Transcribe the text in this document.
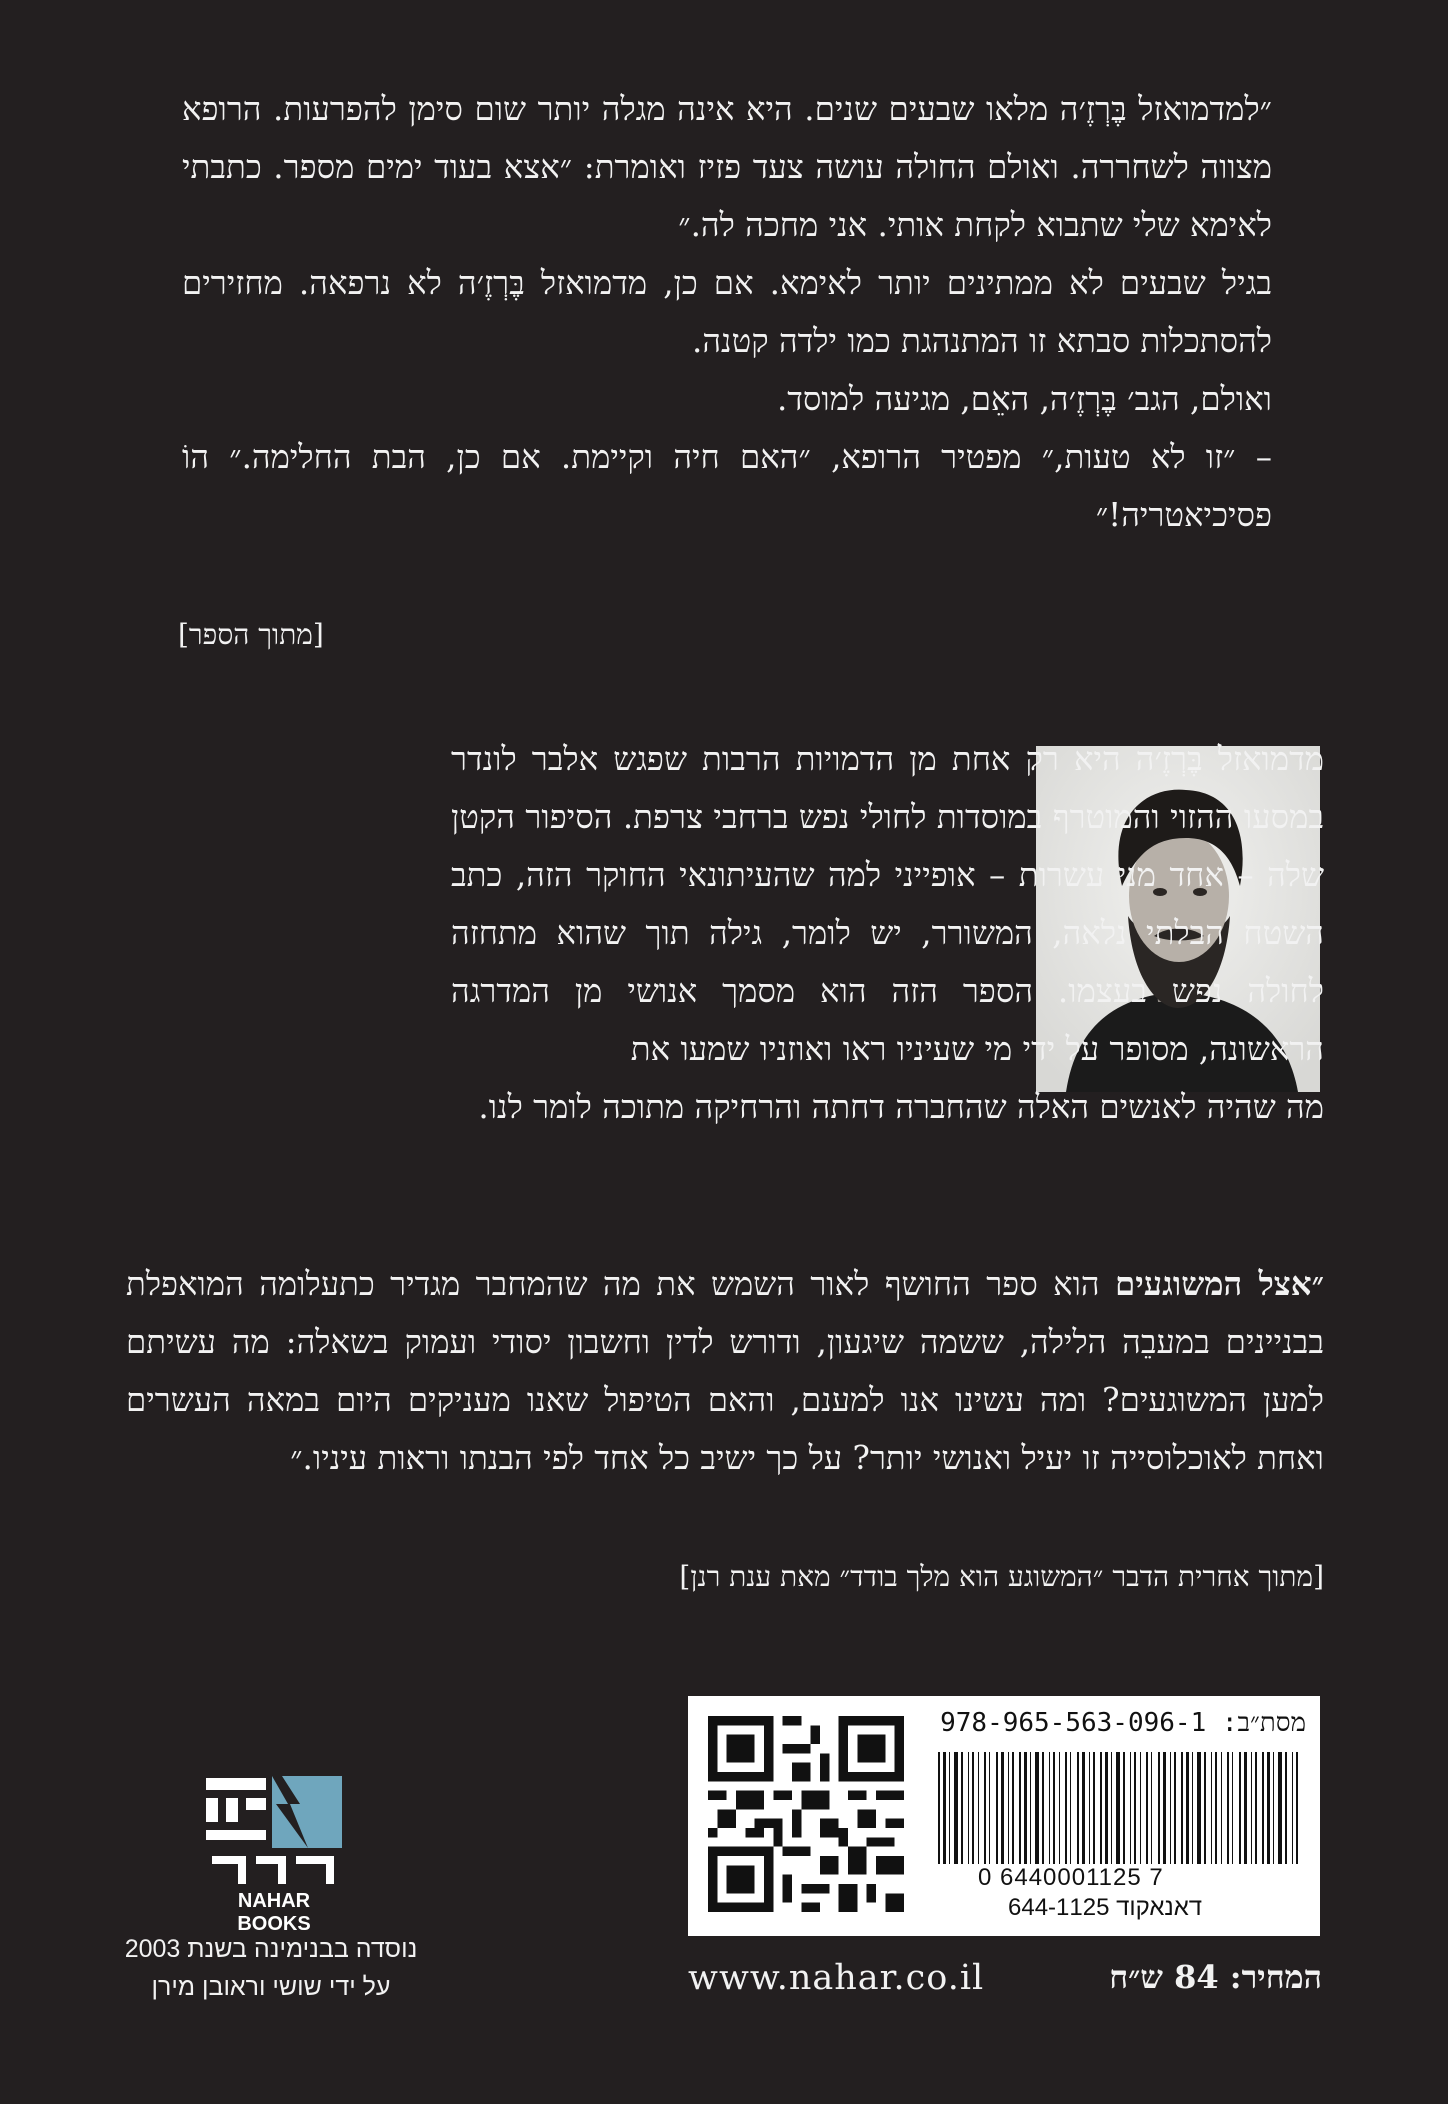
״למדמואזל בֶּרְזֶ׳ה מלאו שבעים שנים. היא אינה מגלה יותר שום סימן להפרעות. הרופא מצווה לשחררה. ואולם החולה עושה צעד פזיז ואומרת: ״אצא בעוד ימים מספר. כתבתי לאימא שלי שתבוא לקחת אותי. אני מחכה לה.״

בגיל שבעים לא ממתינים יותר לאימא. אם כן, מדמואזל בֶּרְזֶ׳ה לא נרפאה. מחזירים להסתכלות סבתא זו המתנהגת כמו ילדה קטנה.

ואולם, הגב׳ בֶּרְזֶ׳ה, האֵם, מגיעה למוסד.

– ״זו לא טעות,״ מפטיר הרופא, ״האם חיה וקיימת. אם כן, הבת החלימה.״ הוֹ פסיכיאטריה!״

[מתוך הספר]

מדמואזל בֶּרְזֶ׳ה היא רק אחת מן הדמויות הרבות שפגש אלבר לונדר במסעו ההזוי והמוטרף במוסדות לחולי נפש ברחבי צרפת. הסיפור הקטן שלה – אחד מני עשרות – אופייני למה שהעיתונאי החוקר הזה, כתב השטח הבלתי נלאה, המשורר, יש לומר, גילה תוך שהוא מתחזה לחולה נפש בעצמו. הספר הזה הוא מסמך אנושי מן המדרגה הראשונה, מסופר על ידי מי שעיניו ראו ואוזניו שמעו את

מה שהיה לאנשים האלה שהחברה דחתה והרחיקה מתוכה לומר לנו.

״אצל המשוגעים הוא ספר החושף לאור השמש את מה שהמחבר מגדיר כתעלומה המואפלת בבניינים במעבֵה הלילה, ששמה שיגעון, ודורש לדין וחשבון יסודי ועמוק בשאלה: מה עשיתם למען המשוגעים? ומה עשינו אנו למענם, והאם הטיפול שאנו מעניקים היום במאה העשרים ואחת לאוכלוסייה זו יעיל ואנושי יותר? על כך ישיב כל אחד לפי הבנתו וראות עיניו.״

[מתוך אחרית הדבר ״המשוגע הוא מלך בודד״ מאת ענת רנן]
מסת״ב: 978-965-563-096-1
0 6440001125 7
דאנאקוד 644-1125
www.nahar.co.il	המחיר: 84 ש״ח
NAHAR BOOKS
נוסדה בבנימינה בשנת 2003
על ידי שושי וראובן מירן
